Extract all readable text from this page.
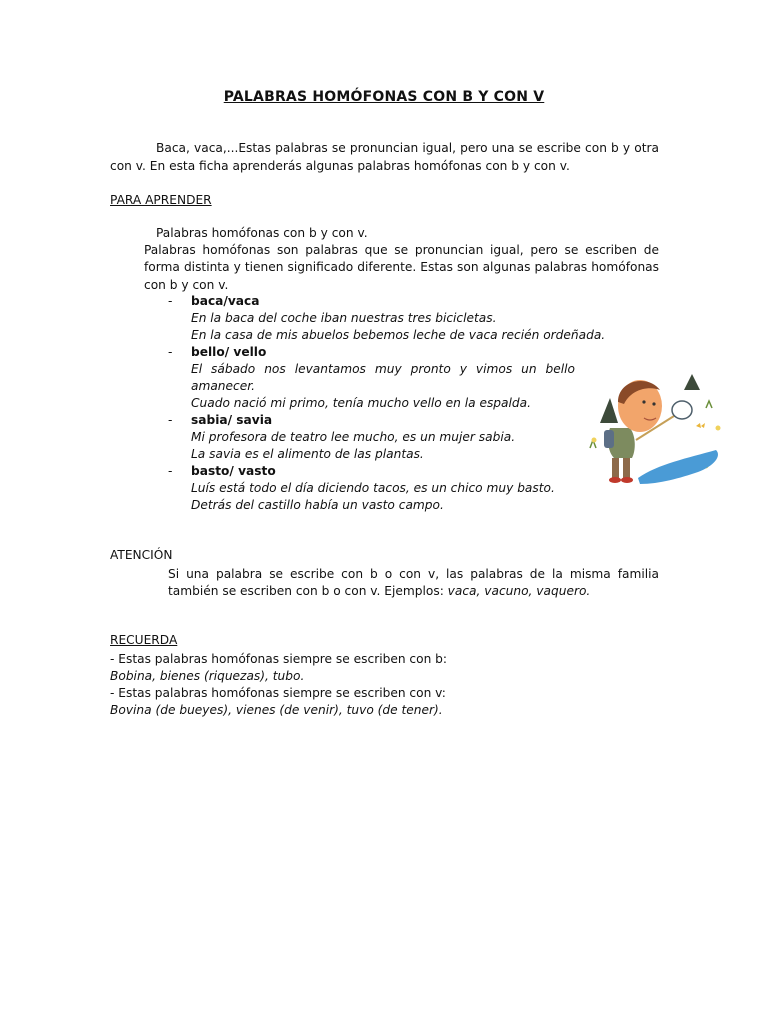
PALABRAS HOMÓFONAS CON B Y CON V
Baca, vaca,...Estas palabras se pronuncian igual, pero una se escribe con b y otra con v. En esta ficha aprenderás algunas palabras homófonas con b y con v.
PARA APRENDER
Palabras homófonas con b y con v.
Palabras homófonas son palabras que se pronuncian igual, pero se escriben de forma distinta y tienen significado diferente. Estas son algunas palabras homófonas con b y con v.
- baca/vaca
En la baca del coche iban nuestras tres bicicletas.
En la casa de mis abuelos bebemos leche de vaca recién ordeñada.
- bello/ vello
El sábado nos levantamos muy pronto y vimos un bello
amanecer.
Cuado nació mi primo, tenía mucho vello en la espalda.
- sabia/ savia
Mi profesora de teatro lee mucho, es un mujer sabia.
La savia es el alimento de las plantas.
- basto/ vasto
Luís está todo el día diciendo tacos, es un chico muy basto.
Detrás del castillo había un vasto campo.
ATENCIÓN
Si una palabra se escribe con b o con v, las palabras de la misma familia también se escriben con b o con v. Ejemplos: vaca, vacuno, vaquero.
RECUERDA
- Estas palabras homófonas siempre se escriben con b:
Bobina, bienes (riquezas), tubo.
- Estas palabras homófonas siempre se escriben con v:
Bovina (de bueyes), vienes (de venir), tuvo (de tener).
